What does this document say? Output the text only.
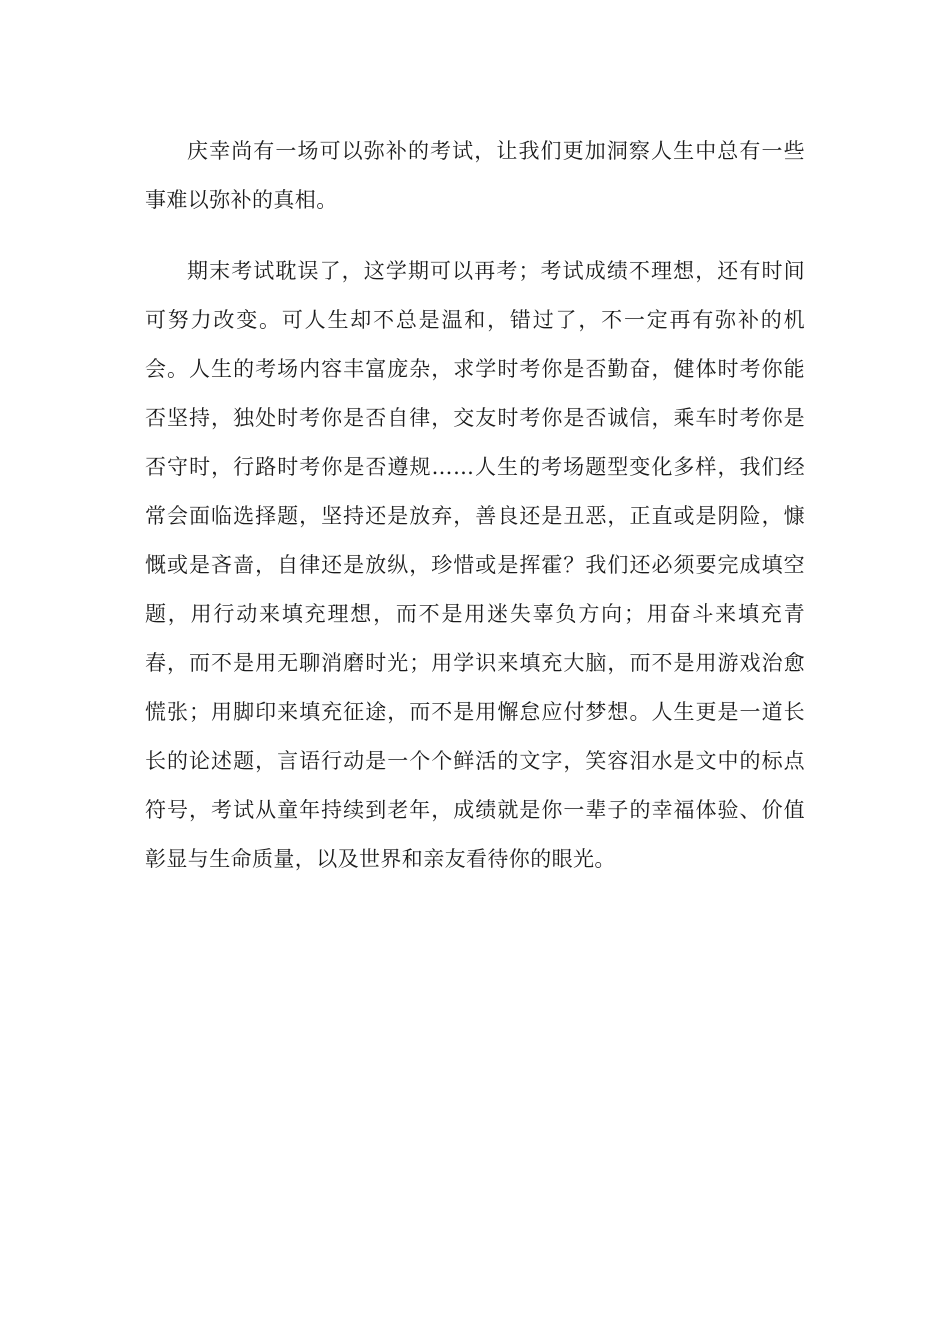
庆幸尚有一场可以弥补的考试，让我们更加洞察人生中总有一些事难以弥补的真相。

期末考试耽误了，这学期可以再考；考试成绩不理想，还有时间可努力改变。可人生却不总是温和，错过了，不一定再有弥补的机会。人生的考场内容丰富庞杂，求学时考你是否勤奋，健体时考你能否坚持，独处时考你是否自律，交友时考你是否诚信，乘车时考你是否守时，行路时考你是否遵规……人生的考场题型变化多样，我们经常会面临选择题，坚持还是放弃，善良还是丑恶，正直或是阴险，慷慨或是吝啬，自律还是放纵，珍惜或是挥霍？我们还必须要完成填空题，用行动来填充理想，而不是用迷失辜负方向；用奋斗来填充青春，而不是用无聊消磨时光；用学识来填充大脑，而不是用游戏治愈慌张；用脚印来填充征途，而不是用懈怠应付梦想。人生更是一道长长的论述题，言语行动是一个个鲜活的文字，笑容泪水是文中的标点符号，考试从童年持续到老年，成绩就是你一辈子的幸福体验、价值彰显与生命质量，以及世界和亲友看待你的眼光。
